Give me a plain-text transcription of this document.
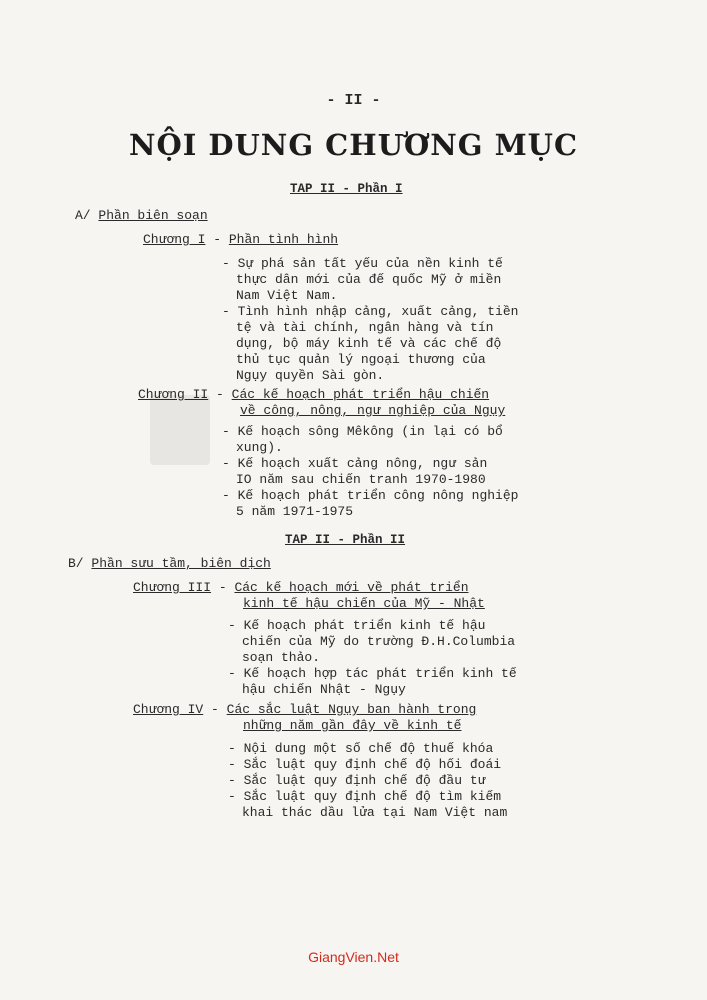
- II -
NỘI DUNG CHƯƠNG MỤC
TAP II - Phần I
A/ Phần biên soạn
Chương I - Phần tình hình
- Sự phá sản tất yếu của nền kinh tế
thực dân mới của đế quốc Mỹ ở miền
Nam Việt Nam.
- Tình hình nhập cảng, xuất cảng, tiền
tệ và tài chính, ngân hàng và tín
dụng, bộ máy kinh tế và các chế độ
thủ tục quản lý ngoại thương của
Ngụy quyền Sài gòn.
Chương II - Các kế hoạch phát triển hậu chiến
về công, nông, ngư nghiệp của Ngụy
- Kế hoạch sông Mêkông (in lại có bổ
xung).
- Kế hoạch xuất cảng nông, ngư sản
IO năm sau chiến tranh 1970-1980
- Kế hoạch phát triển công nông nghiệp
5 năm 1971-1975
TAP II - Phần II
B/ Phần sưu tầm, biên dịch
Chương III - Các kế hoạch mới về phát triển
kinh tế hậu chiến của Mỹ - Nhật
- Kế hoạch phát triển kinh tế hậu
chiến của Mỹ do trường Đ.H.Columbia
soạn thảo.
- Kế hoạch hợp tác phát triển kinh tế
hậu chiến Nhật - Ngụy
Chương IV - Các sắc luật Ngụy ban hành trong
những năm gần đây về kinh tế
- Nội dung một số chế độ thuế khóa
- Sắc luật quy định chế độ hối đoái
- Sắc luật quy định chế độ đầu tư
- Sắc luật quy định chế độ tìm kiếm
khai thác dầu lửa tại Nam Việt nam
GiangVien.Net
